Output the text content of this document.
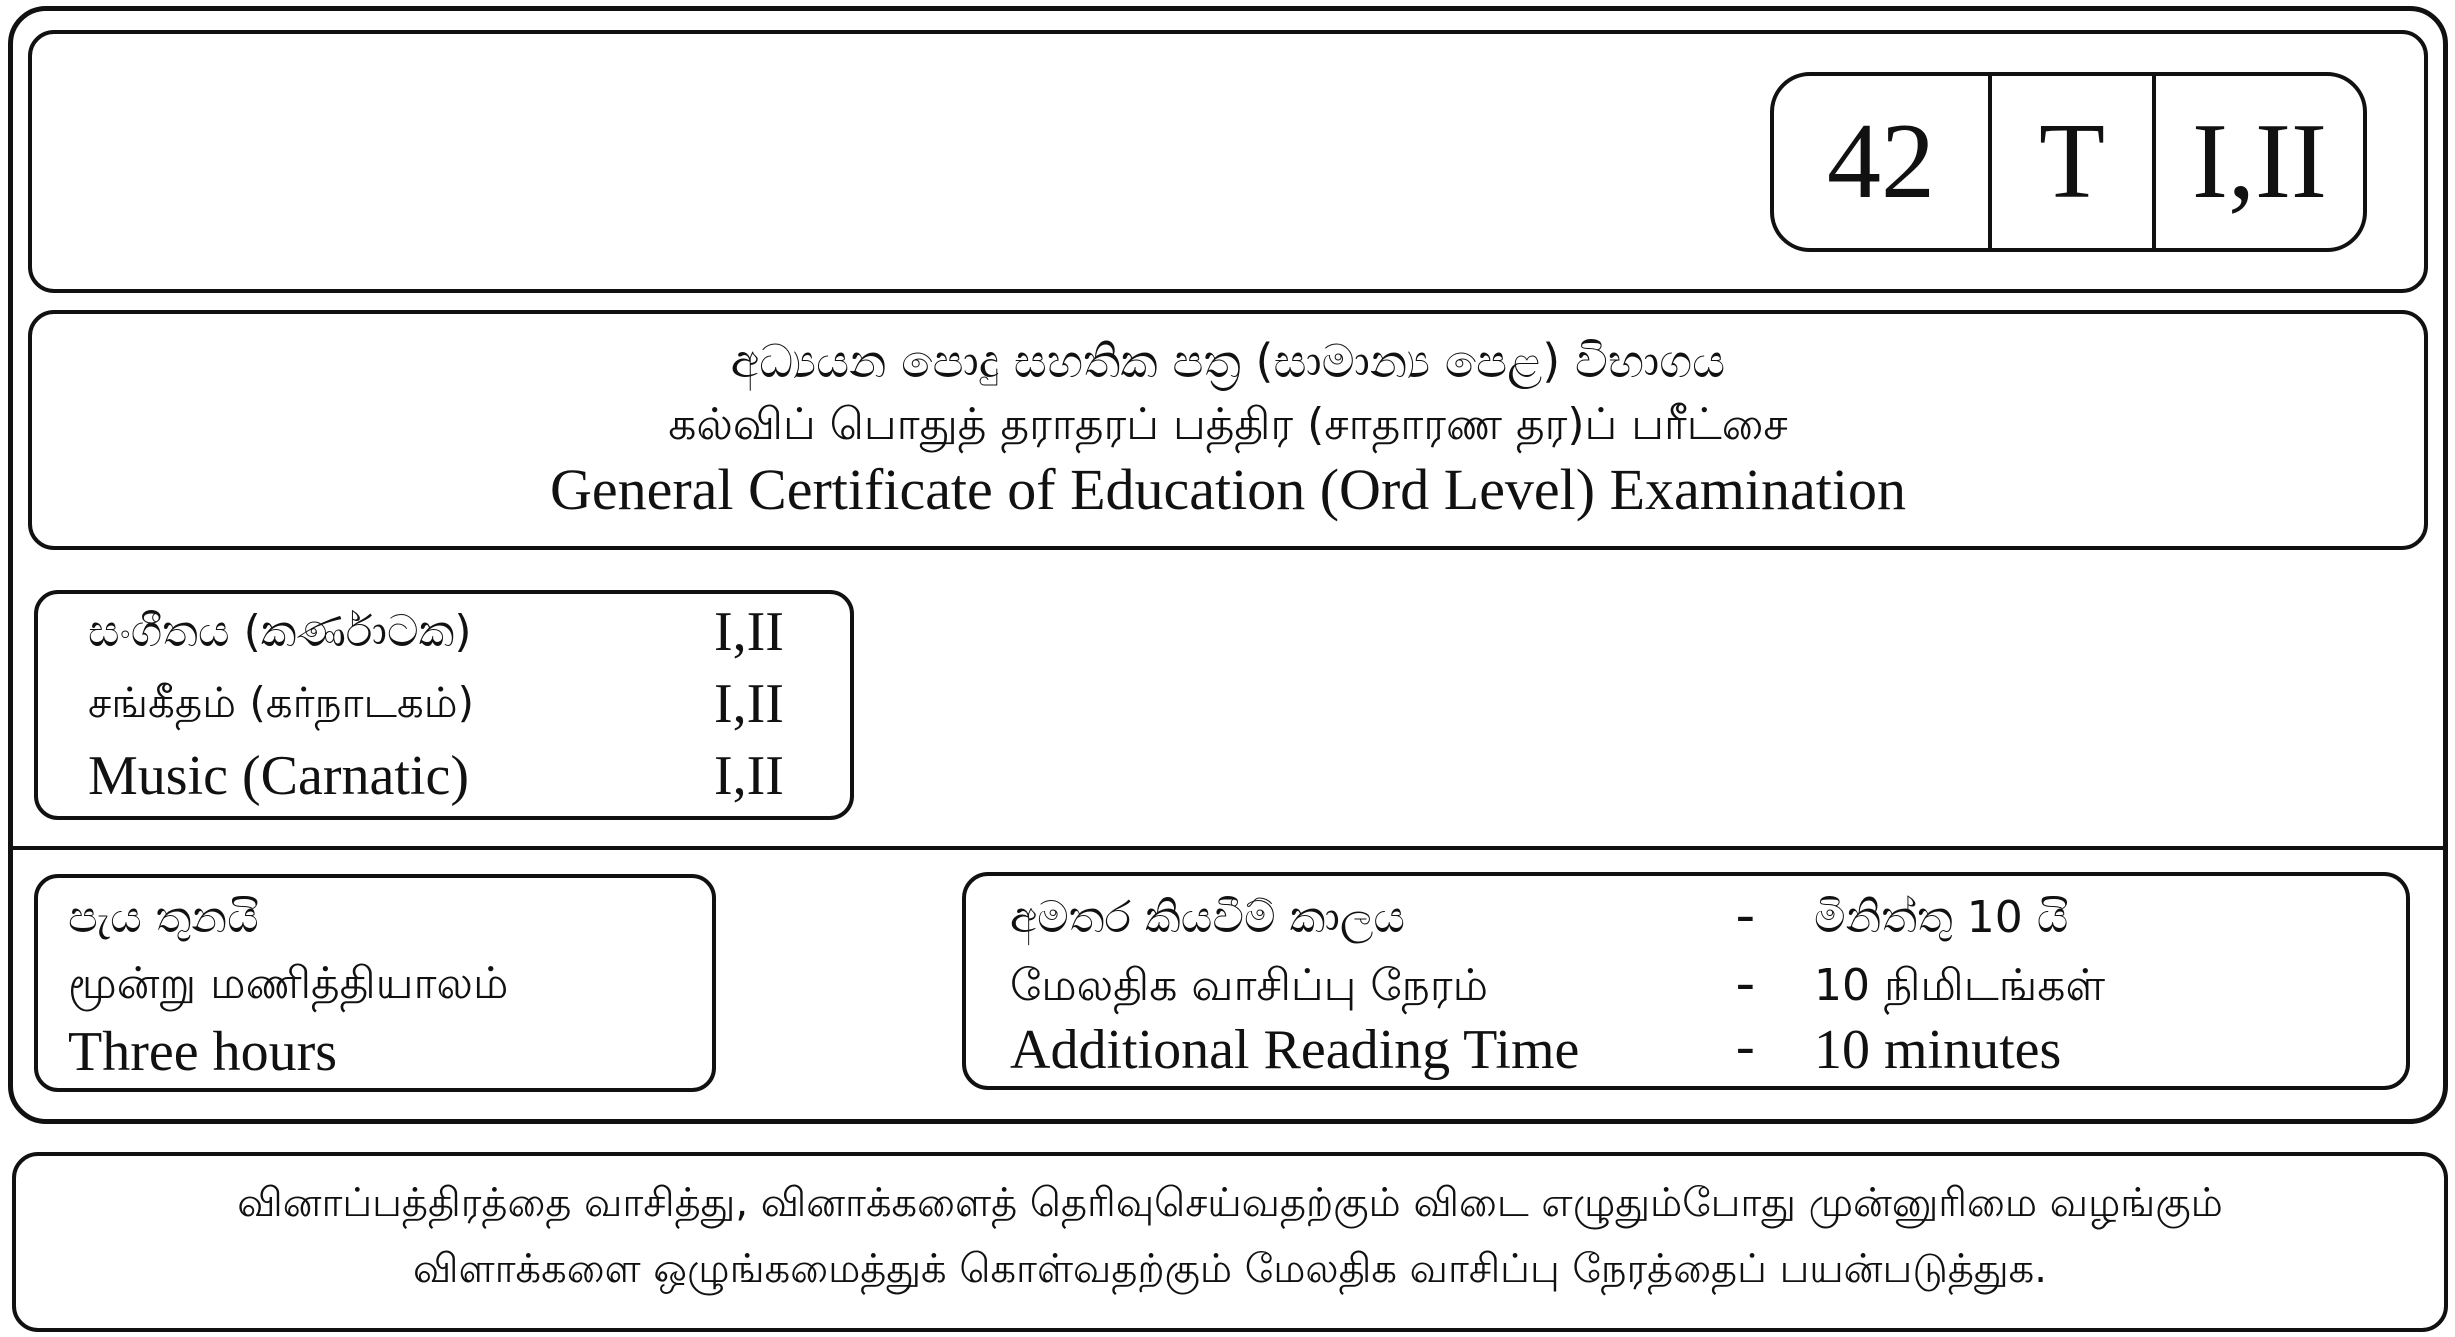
42 T I,II
අධ්‍යයන පොදු සහතික පත්‍ර (සාමාන්‍ය පෙළ) විභාගය
கல்விப் பொதுத் தராதரப் பத்திர (சாதாரண தர)ப் பரீட்சை
General Certificate of Education (Ord Level) Examination
සංගීතය (කර්ණාටක)	I,II
சங்கீதம் (கர்நாடகம்)	I,II
Music (Carnatic)	I,II
පැය තුනයි
மூன்று மணித்தியாலம்
Three hours
අමතර කියවීම් කාලය	- මිනිත්තු 10 යි
மேலதிக வாசிப்பு நேரம்	- 10 நிமிடங்கள்
Additional Reading Time	- 10 minutes
வினாப்பத்திரத்தை வாசித்து, வினாக்களைத் தெரிவுசெய்வதற்கும் விடை எழுதும்போது முன்னுரிமை வழங்கும்
விளாக்களை ஒழுங்கமைத்துக் கொள்வதற்கும் மேலதிக வாசிப்பு நேரத்தைப் பயன்படுத்துக.
